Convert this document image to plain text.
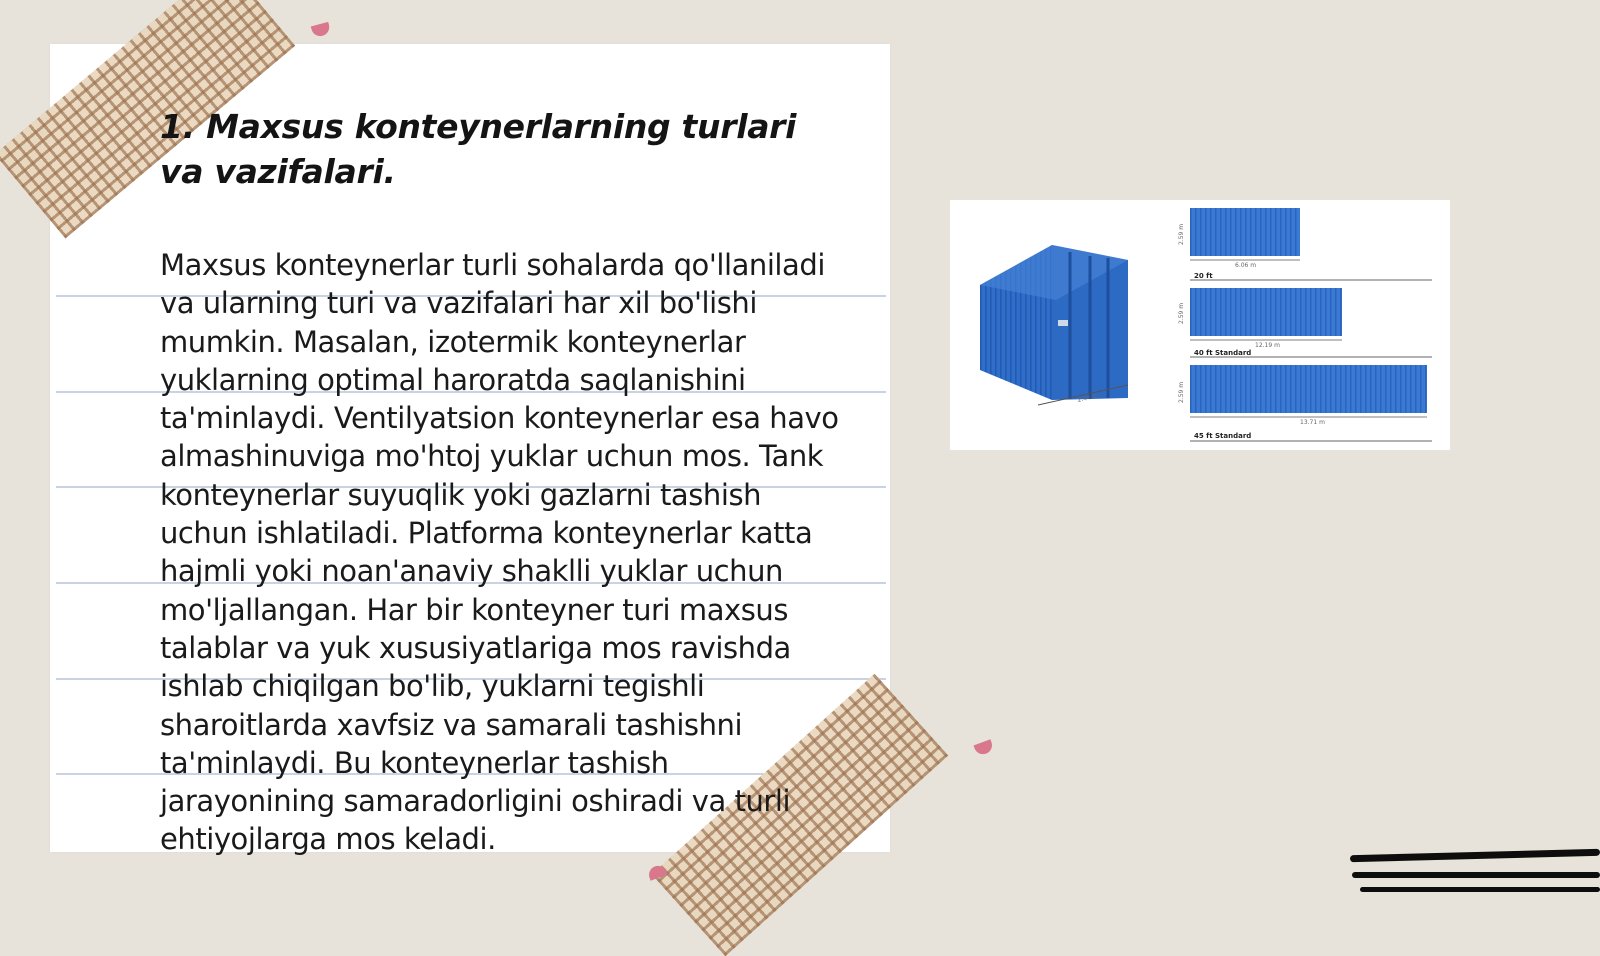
1. Maxsus konteynerlarning turlari va vazifalari.

Maxsus konteynerlar turli sohalarda qo'llaniladi va ularning turi va vazifalari har xil bo'lishi mumkin. Masalan, izotermik konteynerlar yuklarning optimal haroratda saqlanishini ta'minlaydi. Ventilyatsion konteynerlar esa havo almashinuviga mo'htoj yuklar uchun mos. Tank konteynerlar suyuqlik yoki gazlarni tashish uchun ishlatiladi. Platforma konteynerlar katta hajmli yoki noan'anaviy shaklli yuklar uchun mo'ljallangan. Har bir konteyner turi maxsus talablar va yuk xususiyatlariga mos ravishda ishlab chiqilgan bo'lib, yuklarni tegishli sharoitlarda xavfsiz va samarali tashishni ta'minlaydi. Bu konteynerlar tashish jarayonining samaradorligini oshiradi va turli ehtiyojlarga mos keladi.

2.44 m
6.06 m
2.59 m
20 ft
12.19 m
2.59 m
40 ft Standard
13.71 m
2.59 m
45 ft Standard
